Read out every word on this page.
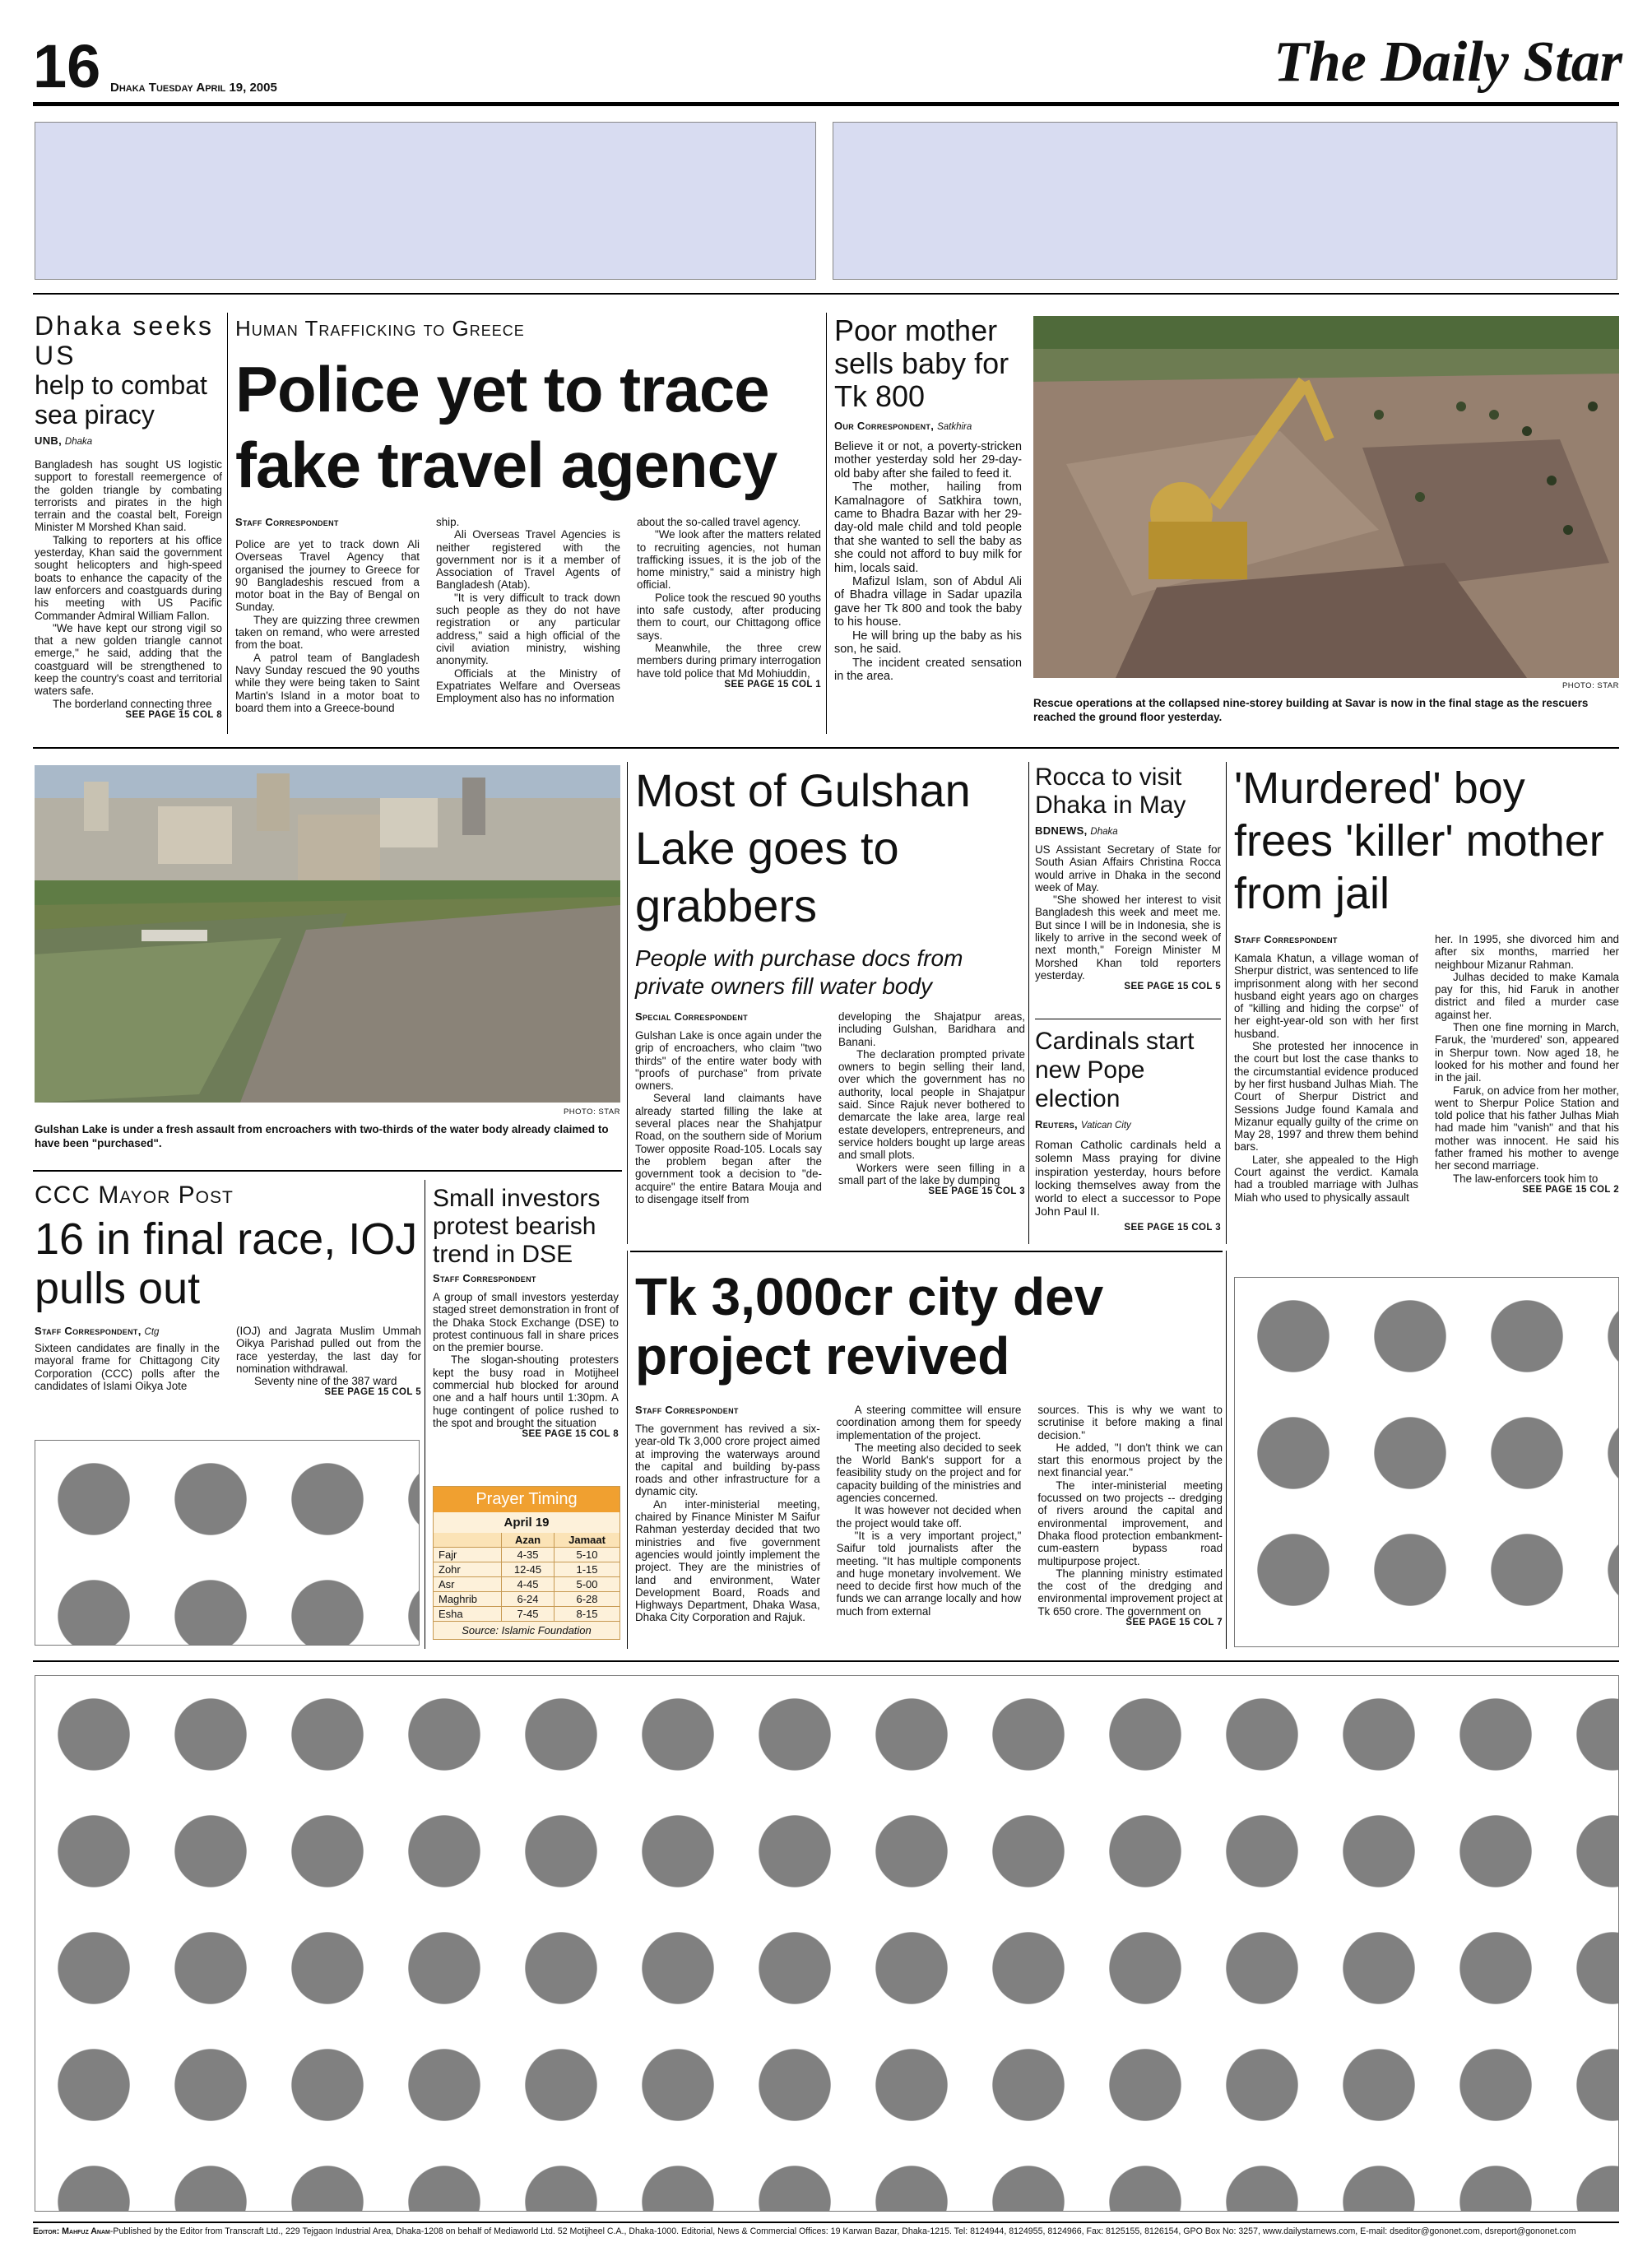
16 Dhaka Tuesday April 19, 2005	The Daily Star
Dhaka seeks US
help to combat sea piracy
UNB, Dhaka

Bangladesh has sought US logistic support to forestall reemergence of the golden triangle by combating terrorists and pirates in the high terrain and the coastal belt, Foreign Minister M Morshed Khan said.

Talking to reporters at his office yesterday, Khan said the government sought helicopters and high-speed boats to enhance the capacity of the law enforcers and coastguards during his meeting with US Pacific Commander Admiral William Fallon.

"We have kept our strong vigil so that a new golden triangle cannot emerge," he said, adding that the coastguard will be strengthened to keep the country's coast and territorial waters safe.

The borderland connecting three

SEE PAGE 15 COL 8
Human Trafficking to Greece
Police yet to trace fake travel agency
Staff Correspondent

Police are yet to track down Ali Overseas Travel Agency that organised the journey to Greece for 90 Bangladeshis rescued from a motor boat in the Bay of Bengal on Sunday.

They are quizzing three crewmen taken on remand, who were arrested from the boat.

A patrol team of Bangladesh Navy Sunday rescued the 90 youths while they were being taken to Saint Martin's Island in a motor boat to board them into a Greece-bound

ship.

Ali Overseas Travel Agencies is neither registered with the government nor is it a member of Association of Travel Agents of Bangladesh (Atab).

"It is very difficult to track down such people as they do not have registration or any particular address," said a high official of the civil aviation ministry, wishing anonymity.

Officials at the Ministry of Expatriates Welfare and Overseas Employment also has no information

about the so-called travel agency.

"We look after the matters related to recruiting agencies, not human trafficking issues, it is the job of the home ministry," said a ministry high official.

Police took the rescued 90 youths into safe custody, after producing them to court, our Chittagong office says.

Meanwhile, the three crew members during primary interrogation have told police that Md Mohiuddin,

SEE PAGE 15 COL 1
Poor mother sells baby for Tk 800
Our Correspondent, Satkhira

Believe it or not, a poverty-stricken mother yesterday sold her 29-day-old baby after she failed to feed it.

The mother, hailing from Kamalnagore of Satkhira town, came to Bhadra Bazar with her 29-day-old male child and told people that she wanted to sell the baby as she could not afford to buy milk for him, locals said.

Mafizul Islam, son of Abdul Ali of Bhadra village in Sadar upazila gave her Tk 800 and took the baby to his house.

He will bring up the baby as his son, he said.

The incident created sensation in the area.

PHOTO: STAR
Rescue operations at the collapsed nine-storey building at Savar is now in the final stage as the rescuers reached the ground floor yesterday.
PHOTO: STAR
Gulshan Lake is under a fresh assault from encroachers with two-thirds of the water body already claimed to have been "purchased".
Most of Gulshan Lake goes to grabbers
People with purchase docs from private owners fill water body
Special Correspondent

Gulshan Lake is once again under the grip of encroachers, who claim "two thirds" of the entire water body with "proofs of purchase" from private owners.

Several land claimants have already started filling the lake at several places near the Shahjatpur Road, on the southern side of Morium Tower opposite Road-105. Locals say the problem began after the government took a decision to "de-acquire" the entire Batara Mouja and to disengage itself from

developing the Shajatpur areas, including Gulshan, Baridhara and Banani.

The declaration prompted private owners to begin selling their land, over which the government has no authority, local people in Shajatpur said. Since Rajuk never bothered to demarcate the lake area, large real estate developers, entrepreneurs, and service holders bought up large areas and small plots.

Workers were seen filling in a small part of the lake by dumping

SEE PAGE 15 COL 3
Rocca to visit Dhaka in May
BDNEWS, Dhaka

US Assistant Secretary of State for South Asian Affairs Christina Rocca would arrive in Dhaka in the second week of May.

"She showed her interest to visit Bangladesh this week and meet me. But since I will be in Indonesia, she is likely to arrive in the second week of next month," Foreign Minister M Morshed Khan told reporters yesterday.

SEE PAGE 15 COL 5
Cardinals start new Pope election
Reuters, Vatican City

Roman Catholic cardinals held a solemn Mass praying for divine inspiration yesterday, hours before locking themselves away from the world to elect a successor to Pope John Paul II.

SEE PAGE 15 COL 3
'Murdered' boy frees 'killer' mother from jail
Staff Correspondent

Kamala Khatun, a village woman of Sherpur district, was sentenced to life imprisonment along with her second husband eight years ago on charges of "killing and hiding the corpse" of her eight-year-old son with her first husband.

She protested her innocence in the court but lost the case thanks to the circumstantial evidence produced by her first husband Julhas Miah. The Court of Sherpur District and Sessions Judge found Kamala and Mizanur equally guilty of the crime on May 28, 1997 and threw them behind bars.

Later, she appealed to the High Court against the verdict. Kamala had a troubled marriage with Julhas Miah who used to physically assault

her. In 1995, she divorced him and after six months, married her neighbour Mizanur Rahman.

Julhas decided to make Kamala pay for this, hid Faruk in another district and filed a murder case against her.

Then one fine morning in March, Faruk, the 'murdered' son, appeared in Sherpur town. Now aged 18, he looked for his mother and found her in the jail.

Faruk, on advice from her mother, went to Sherpur Police Station and told police that his father Julhas Miah had made him "vanish" and that his mother was innocent. He said his father framed his mother to avenge her second marriage.

The law-enforcers took him to

SEE PAGE 15 COL 2
CCC Mayor Post
16 in final race, IOJ pulls out
Staff Correspondent, Ctg

Sixteen candidates are finally in the mayoral frame for Chittagong City Corporation (CCC) polls after the candidates of Islami Oikya Jote

(IOJ) and Jagrata Muslim Ummah Oikya Parishad pulled out from the race yesterday, the last day for nomination withdrawal.

Seventy nine of the 387 ward

SEE PAGE 15 COL 5
Small investors protest bearish trend in DSE
Staff Correspondent

A group of small investors yesterday staged street demonstration in front of the Dhaka Stock Exchange (DSE) to protest continuous fall in share prices on the premier bourse.

The slogan-shouting protesters kept the busy road in Motijheel commercial hub blocked for around one and a half hours until 1:30pm. A huge contingent of police rushed to the spot and brought the situation

SEE PAGE 15 COL 8
Prayer Timing
April 19
	Azan	Jamaat
Fajr	4-35	5-10
Zohr	12-45	1-15
Asr	4-45	5-00
Maghrib	6-24	6-28
Esha	7-45	8-15
Source: Islamic Foundation
Tk 3,000cr city dev project revived
Staff Correspondent

The government has revived a six-year-old Tk 3,000 crore project aimed at improving the waterways around the capital and building by-pass roads and other infrastructure for a dynamic city.

An inter-ministerial meeting, chaired by Finance Minister M Saifur Rahman yesterday decided that two ministries and five government agencies would jointly implement the project. They are the ministries of land and environment, Water Development Board, Roads and Highways Department, Dhaka Wasa, Dhaka City Corporation and Rajuk.

A steering committee will ensure coordination among them for speedy implementation of the project.

The meeting also decided to seek the World Bank's support for a feasibility study on the project and for capacity building of the ministries and agencies concerned.

It was however not decided when the project would take off.

"It is a very important project," Saifur told journalists after the meeting. "It has multiple components and huge monetary involvement. We need to decide first how much of the funds we can arrange locally and how much from external

sources. This is why we want to scrutinise it before making a final decision."

He added, "I don't think we can start this enormous project by the next financial year."

The inter-ministerial meeting focussed on two projects -- dredging of rivers around the capital and environmental improvement, and Dhaka flood protection embankment-cum-eastern bypass road multipurpose project.

The planning ministry estimated the cost of the dredging and environmental improvement project at Tk 650 crore. The government on

SEE PAGE 15 COL 7
Editor: Mahfuz Anam-Published by the Editor from Transcraft Ltd., 229 Tejgaon Industrial Area, Dhaka-1208 on behalf of Mediaworld Ltd. 52 Motijheel C.A., Dhaka-1000. Editorial, News & Commercial Offices: 19 Karwan Bazar, Dhaka-1215. Tel: 8124944, 8124955, 8124966, Fax: 8125155, 8126154, GPO Box No: 3257, www.dailystarnews.com, E-mail: dseditor@gononet.com, dsreport@gononet.com
